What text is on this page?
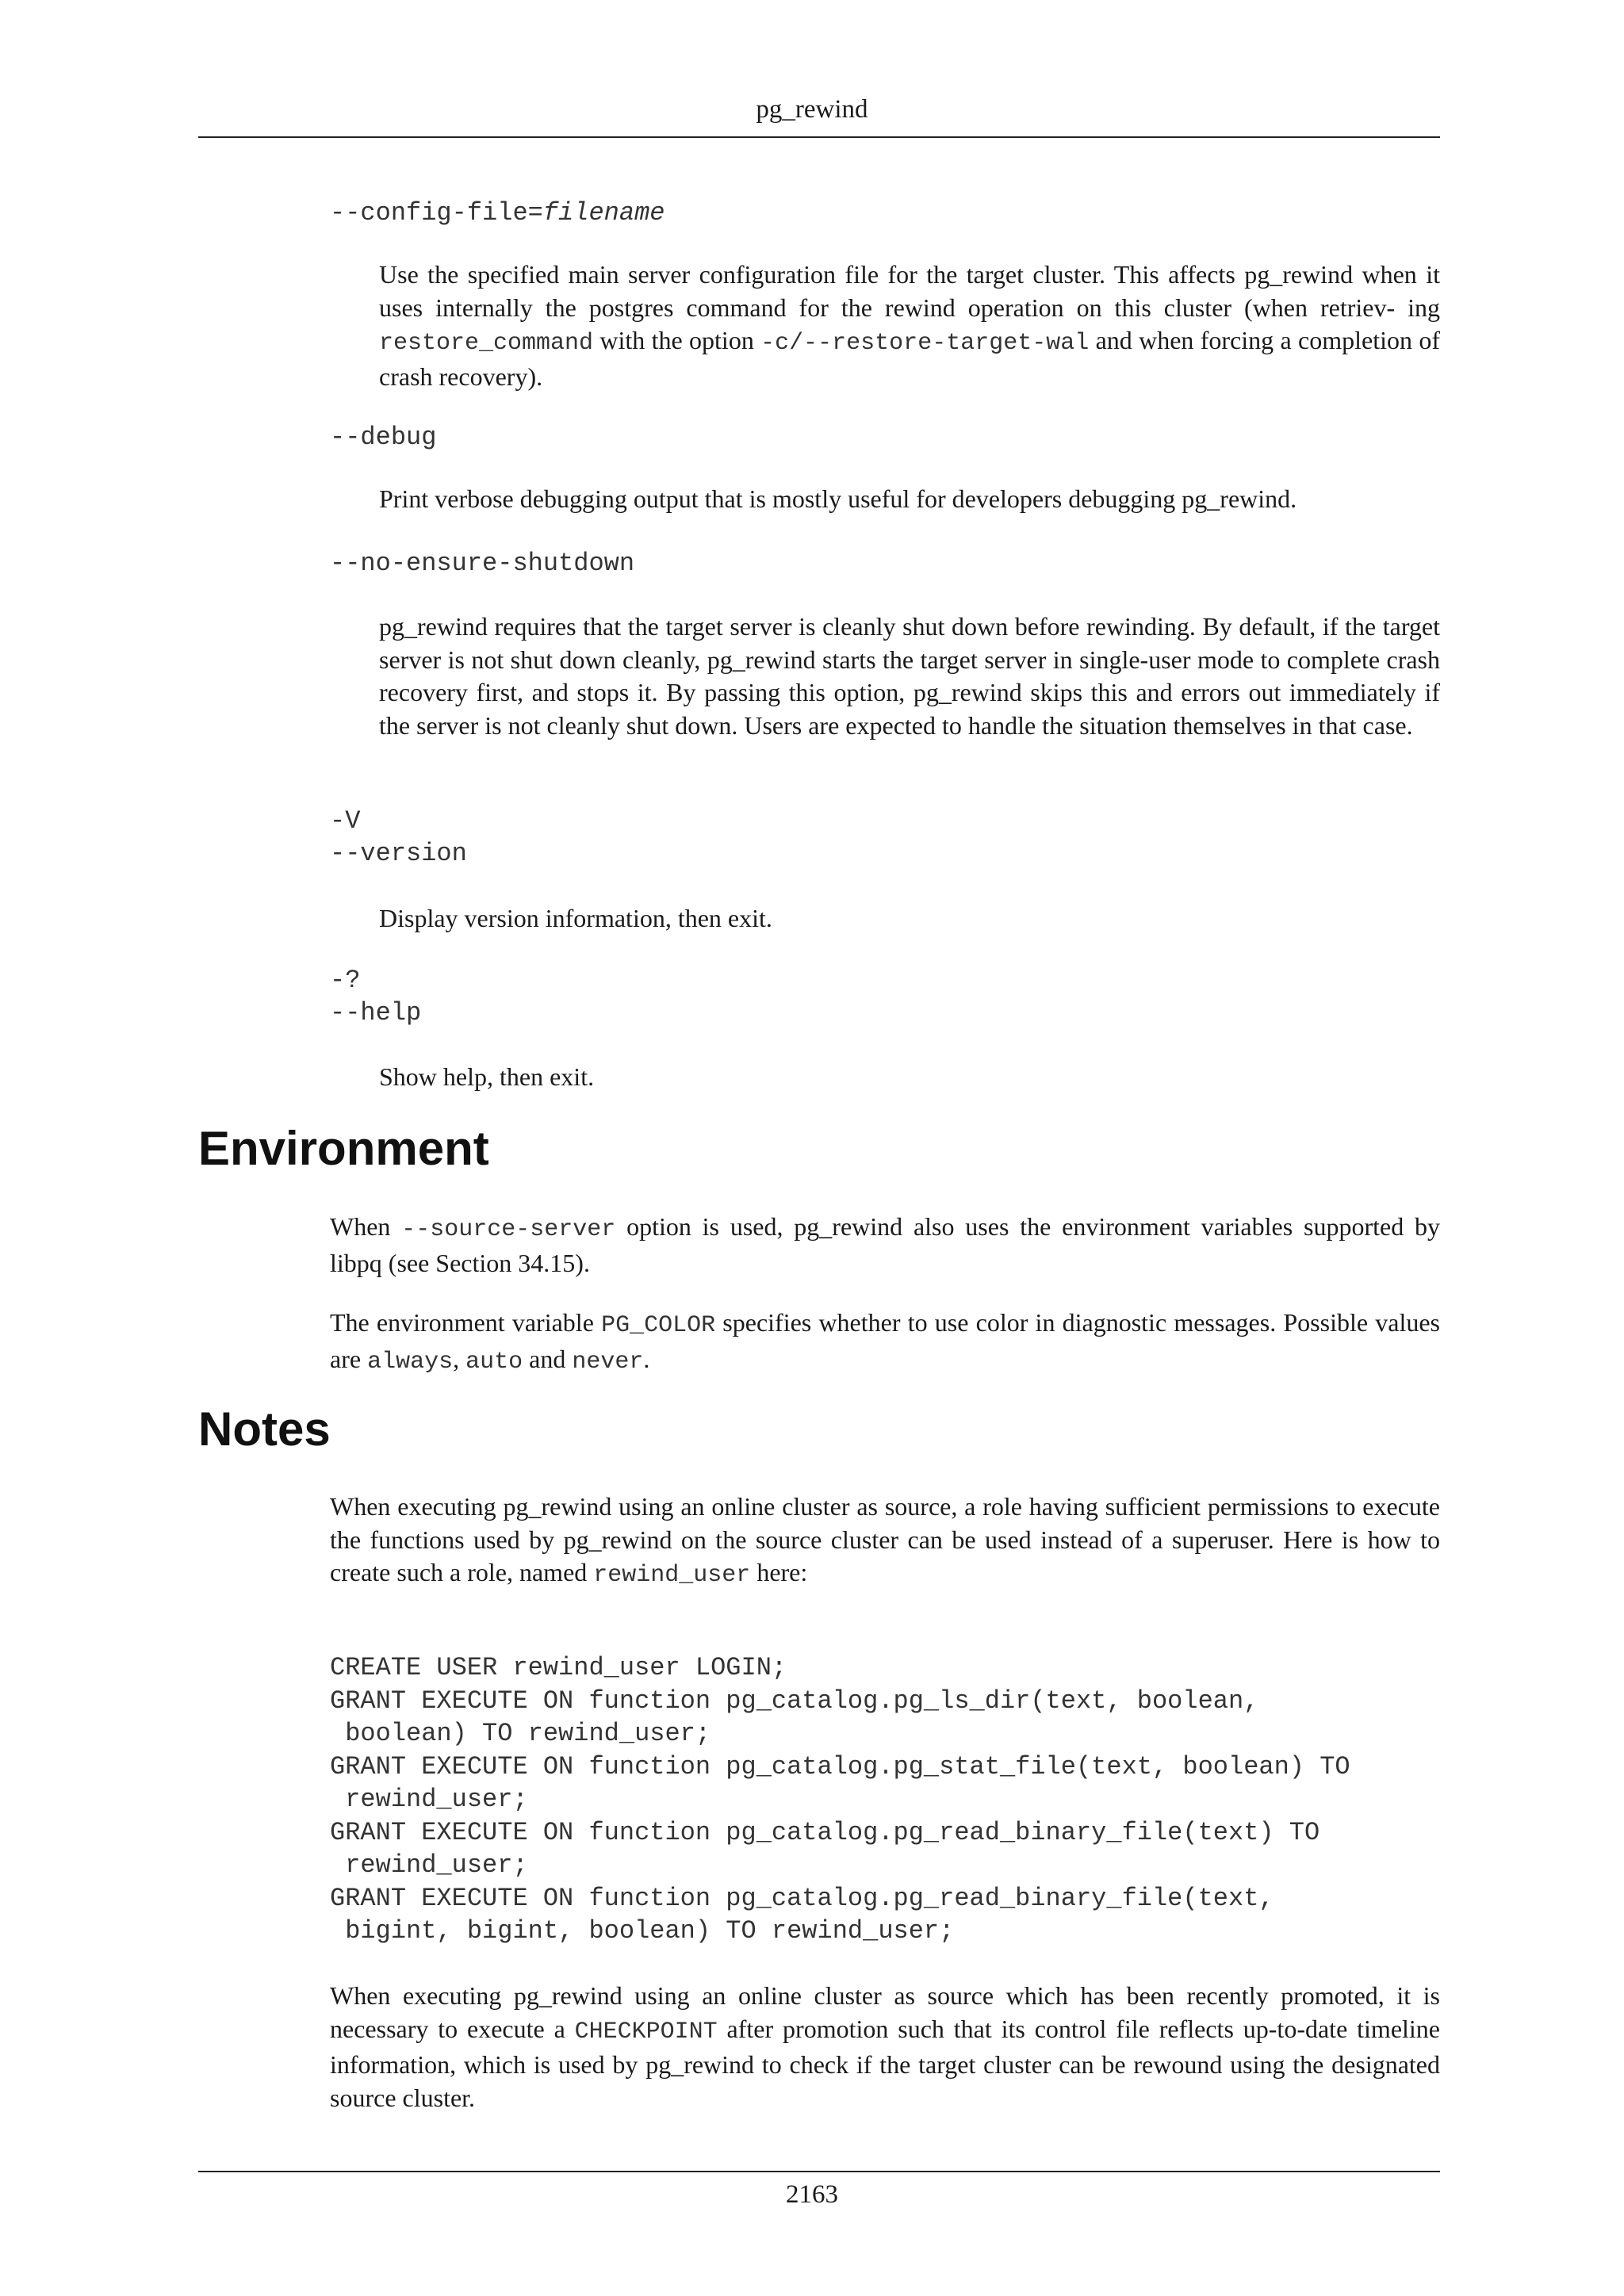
pg_rewind
--config-file=filename
Use the specified main server configuration file for the target cluster. This affects pg_rewind when it uses internally the postgres command for the rewind operation on this cluster (when retriev- ing restore_command with the option -c/--restore-target-wal and when forcing a completion of crash recovery).
--debug
Print verbose debugging output that is mostly useful for developers debugging pg_rewind.
--no-ensure-shutdown
pg_rewind requires that the target server is cleanly shut down before rewinding. By default, if the target server is not shut down cleanly, pg_rewind starts the target server in single-user mode to complete crash recovery first, and stops it. By passing this option, pg_rewind skips this and errors out immediately if the server is not cleanly shut down. Users are expected to handle the situation themselves in that case.
-V
--version
Display version information, then exit.
-?
--help
Show help, then exit.
Environment
When --source-server option is used, pg_rewind also uses the environment variables supported by libpq (see Section 34.15).
The environment variable PG_COLOR specifies whether to use color in diagnostic messages. Possible values are always, auto and never.
Notes
When executing pg_rewind using an online cluster as source, a role having sufficient permissions to execute the functions used by pg_rewind on the source cluster can be used instead of a superuser. Here is how to create such a role, named rewind_user here:
CREATE USER rewind_user LOGIN;
GRANT EXECUTE ON function pg_catalog.pg_ls_dir(text, boolean,
boolean) TO rewind_user;
GRANT EXECUTE ON function pg_catalog.pg_stat_file(text, boolean) TO
rewind_user;
GRANT EXECUTE ON function pg_catalog.pg_read_binary_file(text) TO
rewind_user;
GRANT EXECUTE ON function pg_catalog.pg_read_binary_file(text,
bigint, bigint, boolean) TO rewind_user;
When executing pg_rewind using an online cluster as source which has been recently promoted, it is necessary to execute a CHECKPOINT after promotion such that its control file reflects up-to-date timeline information, which is used by pg_rewind to check if the target cluster can be rewound using the designated source cluster.
2163
